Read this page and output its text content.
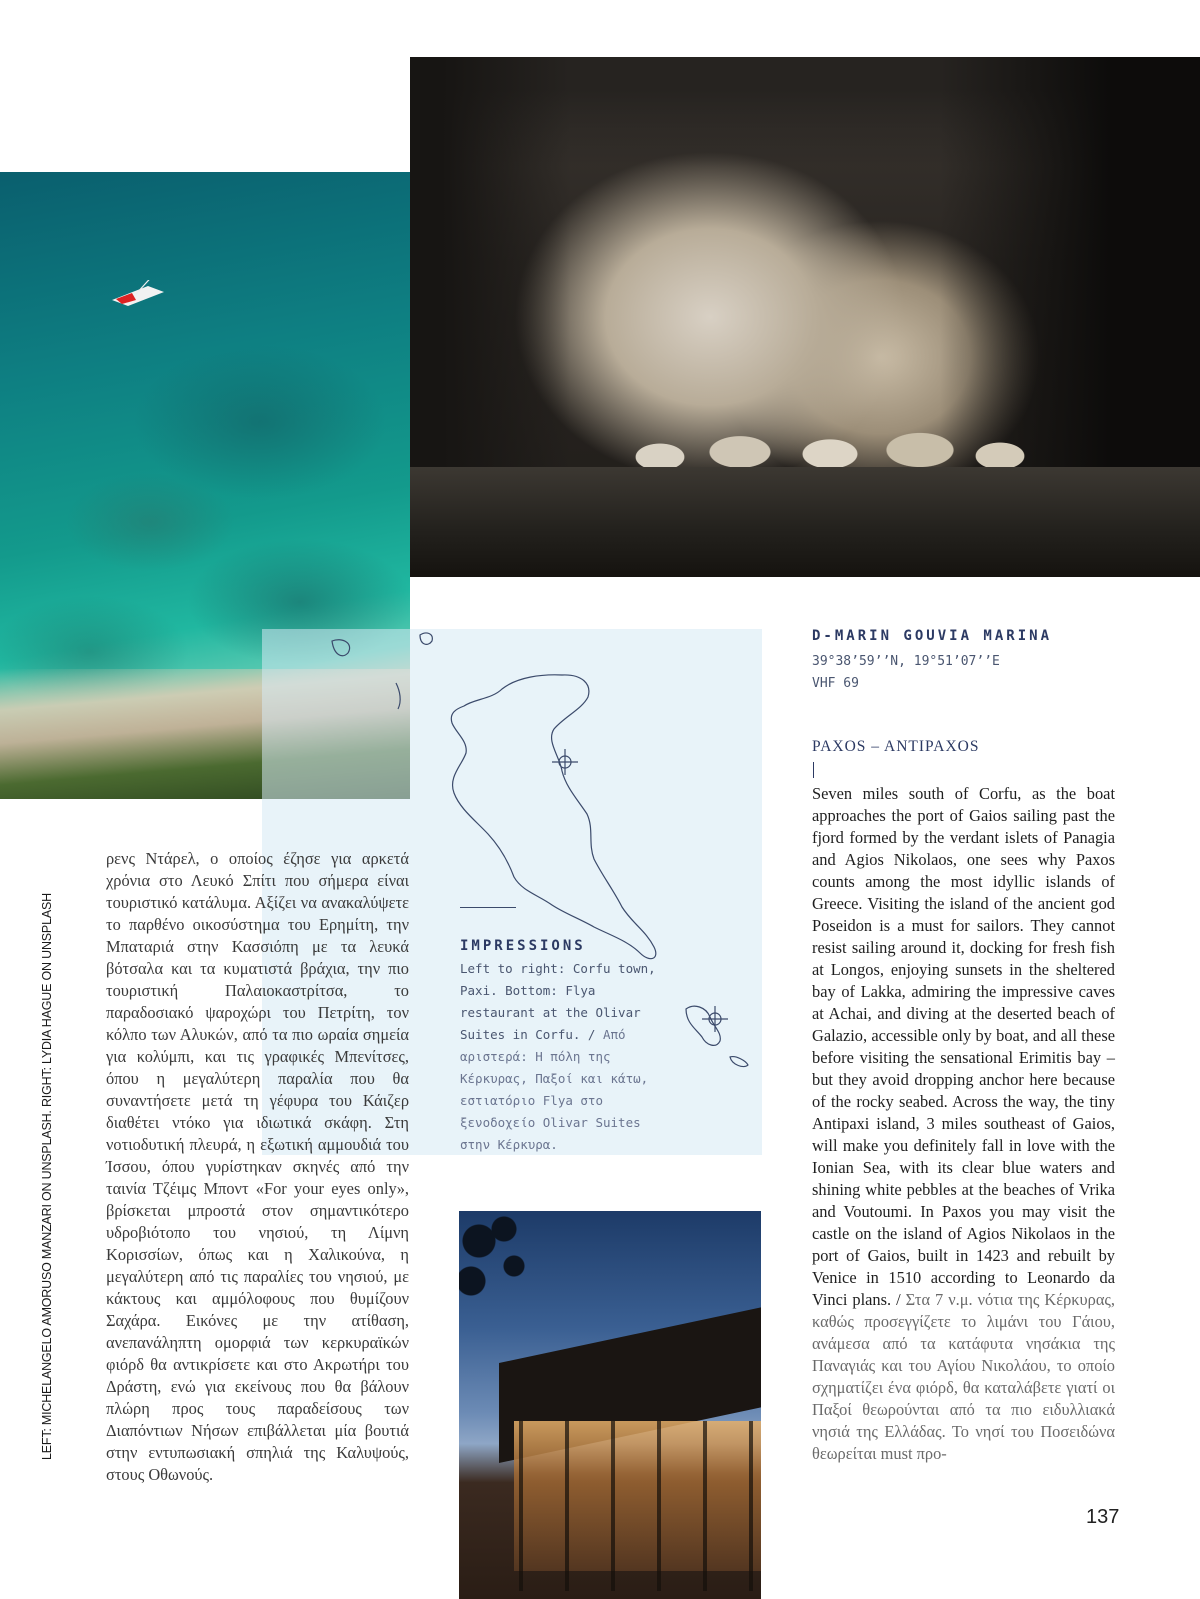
IMPRESSIONS
Left to right: Corfu town, Paxi. Bottom: Flya restaurant at the Olivar Suites in Corfu. / Από αριστερά: Η πόλη της Κέρκυρας, Παξοί και κάτω, εστιατόριο Flya στο ξενοδοχείο Olivar Suites στην Κέρκυρα.
D-MARIN GOUVIA MARINA
39°38’59’’N, 19°51’07’’E
VHF 69
PAXOS – ANTIPAXOS
ρενς Ντάρελ, ο οποίος έζησε για αρκετά χρόνια στο Λευκό Σπίτι που σήμερα είναι τουριστικό κατάλυμα. Αξίζει να ανακαλύψετε το παρθένο οικοσύστημα του Ερημίτη, την Μπαταριά στην Κασσιόπη με τα λευκά βότσαλα και τα κυματιστά βράχια, την πιο τουριστική Παλαιοκαστρίτσα, το παραδοσιακό ψαροχώρι του Πετρίτη, τον κόλπο των Αλυκών, από τα πιο ωραία σημεία για κολύμπι, και τις γραφικές Μπενίτσες, όπου η μεγαλύτερη παραλία που θα συναντήσετε μετά τη γέφυρα του Κάιζερ διαθέτει ντόκο για ιδιωτικά σκάφη. Στη νοτιοδυτική πλευρά, η εξωτική αμμουδιά του Ίσσου, όπου γυρίστηκαν σκηνές από την ταινία Τζέιμς Μποντ «For your eyes only», βρίσκεται μπροστά στον σημαντικότερο υδροβιότοπο του νησιού, τη Λίμνη Κορισσίων, όπως και η Χαλικούνα, η μεγαλύτερη από τις παραλίες του νησιού, με κάκτους και αμμόλοφους που θυμίζουν Σαχάρα. Εικόνες με την ατίθαση, ανεπανάληπτη ομορφιά των κερκυραϊκών φιόρδ θα αντικρίσετε και στο Ακρωτήρι του Δράστη, ενώ για εκείνους που θα βάλουν πλώρη προς τους παραδείσους των Διαπόντιων Νήσων επιβάλλεται μία βουτιά στην εντυπωσιακή σπηλιά της Καλυψούς, στους Οθωνούς.
Seven miles south of Corfu, as the boat approaches the port of Gaios sailing past the fjord formed by the verdant islets of Panagia and Agios Nikolaos, one sees why Paxos counts among the most idyllic islands of Greece. Visiting the island of the ancient god Poseidon is a must for sailors. They cannot resist sailing around it, docking for fresh fish at Longos, enjoying sunsets in the sheltered bay of Lakka, admiring the impressive caves at Achai, and diving at the deserted beach of Galazio, accessible only by boat, and all these before visiting the sensational Erimitis bay – but they avoid dropping anchor here because of the rocky seabed. Across the way, the tiny Antipaxi island, 3 miles southeast of Gaios, will make you definitely fall in love with the Ionian Sea, with its clear blue waters and shining white pebbles at the beaches of Vrika and Voutoumi. In Paxos you may visit the castle on the island of Agios Nikolaos in the port of Gaios, built in 1423 and rebuilt by Venice in 1510 according to Leonardo da Vinci plans. / Στα 7 ν.μ. νότια της Κέρκυρας, καθώς προσεγγίζετε το λιμάνι του Γάιου, ανάμεσα από τα κατάφυτα νησάκια της Παναγιάς και του Αγίου Νικολάου, το οποίο σχηματίζει ένα φιόρδ, θα καταλάβετε γιατί οι Παξοί θεωρούνται από τα πιο ειδυλλιακά νησιά της Ελλάδας. Το νησί του Ποσειδώνα θεωρείται must προ-
LEFT: MICHELANGELO AMORUSO MANZARI ON UNSPLASH. RIGHT: LYDIA HAGUE ON UNSPLASH
137
